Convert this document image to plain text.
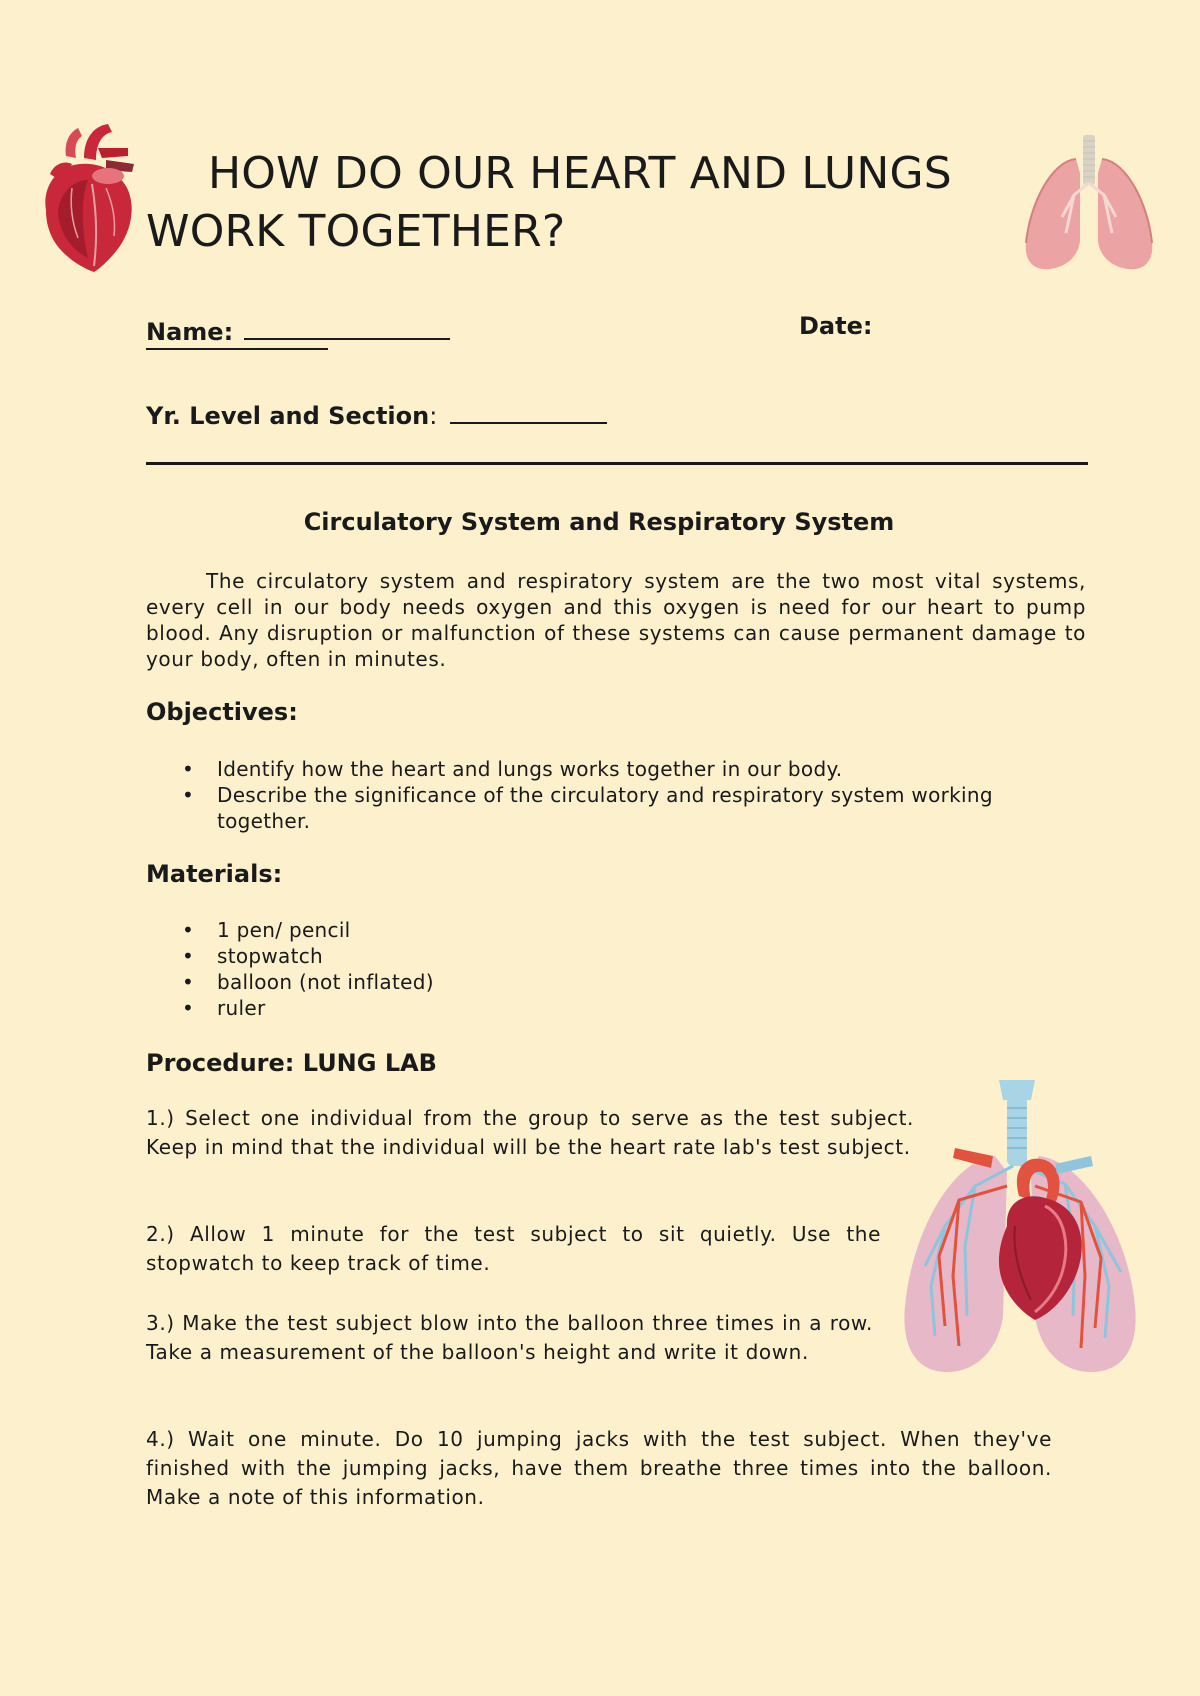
HOW DO OUR HEART AND LUNGS
WORK TOGETHER?
Name:	Date:
Yr. Level and Section:
Circulatory System and Respiratory System

The circulatory system and respiratory system are the two most vital systems, every cell in our body needs oxygen and this oxygen is need for our heart to pump blood. Any disruption or malfunction of these systems can cause permanent damage to your body, often in minutes.

Objectives:
• Identify how the heart and lungs works together in our body.
• Describe the significance of the circulatory and respiratory system working together.
Materials:
• 1 pen/ pencil
• stopwatch
• balloon (not inflated)
• ruler
Procedure: LUNG LAB

1.) Select one individual from the group to serve as the test subject. Keep in mind that the individual will be the heart rate lab's test subject.

2.) Allow 1 minute for the test subject to sit quietly. Use the stopwatch to keep track of time.

3.) Make the test subject blow into the balloon three times in a row. Take a measurement of the balloon's height and write it down.

4.) Wait one minute. Do 10 jumping jacks with the test subject. When they've finished with the jumping jacks, have them breathe three times into the balloon. Make a note of this information.
